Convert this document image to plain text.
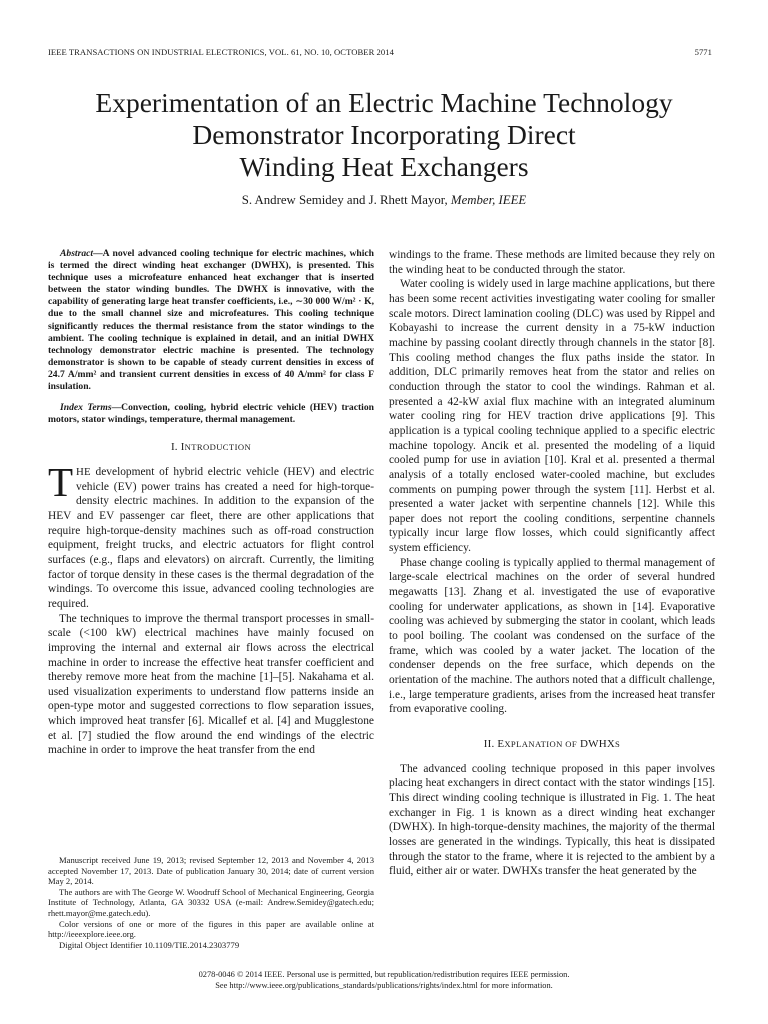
IEEE TRANSACTIONS ON INDUSTRIAL ELECTRONICS, VOL. 61, NO. 10, OCTOBER 2014	5771
Experimentation of an Electric Machine Technology
Demonstrator Incorporating Direct
Winding Heat Exchangers
S. Andrew Semidey and J. Rhett Mayor, Member, IEEE

Abstract—A novel advanced cooling technique for electric machines, which is termed the direct winding heat exchanger (DWHX), is presented. This technique uses a microfeature enhanced heat exchanger that is inserted between the stator winding bundles. The DWHX is innovative, with the capability of generating large heat transfer coefficients, i.e., ∼30 000 W/m² · K, due to the small channel size and microfeatures. This cooling technique significantly reduces the thermal resistance from the stator windings to the ambient. The cooling technique is explained in detail, and an initial DWHX technology demonstrator electric machine is presented. The technology demonstrator is shown to be capable of steady current densities in excess of 24.7 A/mm² and transient current densities in excess of 40 A/mm² for class F insulation.

Index Terms—Convection, cooling, hybrid electric vehicle (HEV) traction motors, stator windings, temperature, thermal management.

I. INTRODUCTION

THE development of hybrid electric vehicle (HEV) and electric vehicle (EV) power trains has created a need for high-torque-density electric machines. In addition to the expansion of the HEV and EV passenger car fleet, there are other applications that require high-torque-density machines such as off-road construction equipment, freight trucks, and electric actuators for flight control surfaces (e.g., flaps and elevators) on aircraft. Currently, the limiting factor of torque density in these cases is the thermal degradation of the windings. To overcome this issue, advanced cooling technologies are required.

The techniques to improve the thermal transport processes in small-scale (<100 kW) electrical machines have mainly focused on improving the internal and external air flows across the electrical machine in order to increase the effective heat transfer coefficient and thereby remove more heat from the machine [1]–[5]. Nakahama et al. used visualization experiments to understand flow patterns inside an open-type motor and suggested corrections to flow separation issues, which improved heat transfer [6]. Micallef et al. [4] and Mugglestone et al. [7] studied the flow around the end windings of the electric machine in order to improve the heat transfer from the end

windings to the frame. These methods are limited because they rely on the winding heat to be conducted through the stator.

Water cooling is widely used in large machine applications, but there has been some recent activities investigating water cooling for smaller scale motors. Direct lamination cooling (DLC) was used by Rippel and Kobayashi to increase the current density in a 75-kW induction machine by passing coolant directly through channels in the stator [8]. This cooling method changes the flux paths inside the stator. In addition, DLC primarily removes heat from the stator and relies on conduction through the stator to cool the windings. Rahman et al. presented a 42-kW axial flux machine with an integrated aluminum water cooling ring for HEV traction drive applications [9]. This application is a typical cooling technique applied to a specific electric machine topology. Ancik et al. presented the modeling of a liquid cooled pump for use in aviation [10]. Kral et al. presented a thermal analysis of a totally enclosed water-cooled machine, but excludes comments on pumping power through the system [11]. Herbst et al. presented a water jacket with serpentine channels [12]. While this paper does not report the cooling conditions, serpentine channels typically incur large flow losses, which could significantly affect system efficiency.

Phase change cooling is typically applied to thermal management of large-scale electrical machines on the order of several hundred megawatts [13]. Zhang et al. investigated the use of evaporative cooling for underwater applications, as shown in [14]. Evaporative cooling was achieved by submerging the stator in coolant, which leads to pool boiling. The coolant was condensed on the surface of the frame, which was cooled by a water jacket. The location of the condenser depends on the free surface, which depends on the orientation of the machine. The authors noted that a difficult challenge, i.e., large temperature gradients, arises from the increased heat transfer from evaporative cooling.

II. EXPLANATION OF DWHXS

The advanced cooling technique proposed in this paper involves placing heat exchangers in direct contact with the stator windings [15]. This direct winding cooling technique is illustrated in Fig. 1. The heat exchanger in Fig. 1 is known as a direct winding heat exchanger (DWHX). In high-torque-density machines, the majority of the thermal losses are generated in the windings. Typically, this heat is dissipated through the stator to the frame, where it is rejected to the ambient by a fluid, either air or water. DWHXs transfer the heat generated by the

Manuscript received June 19, 2013; revised September 12, 2013 and November 4, 2013 accepted November 17, 2013. Date of publication January 30, 2014; date of current version May 2, 2014.

The authors are with The George W. Woodruff School of Mechanical Engineering, Georgia Institute of Technology, Atlanta, GA 30332 USA (e-mail: Andrew.Semidey@gatech.edu; rhett.mayor@me.gatech.edu).

Color versions of one or more of the figures in this paper are available online at http://ieeexplore.ieee.org.

Digital Object Identifier 10.1109/TIE.2014.2303779

0278-0046 © 2014 IEEE. Personal use is permitted, but republication/redistribution requires IEEE permission.
See http://www.ieee.org/publications_standards/publications/rights/index.html for more information.
